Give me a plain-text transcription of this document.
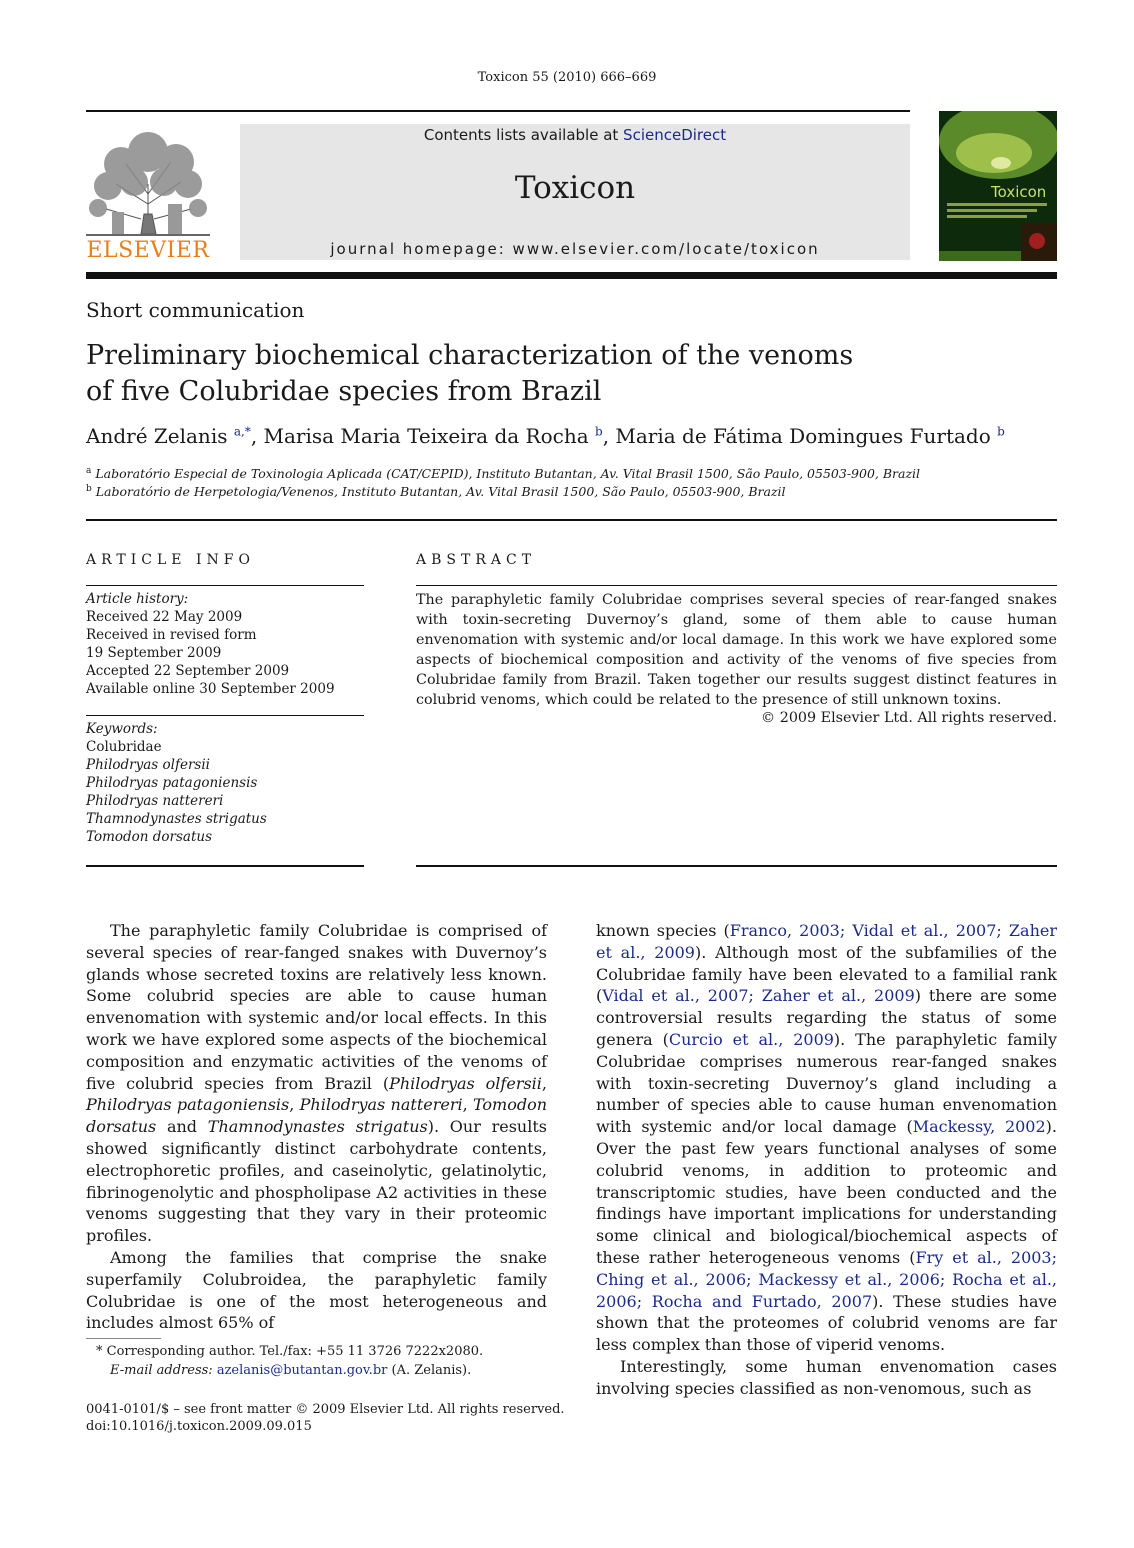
Toxicon 55 (2010) 666–669
ELSEVIER
Contents lists available at ScienceDirect
Toxicon
journal homepage: www.elsevier.com/locate/toxicon
Toxicon
Short communication
Preliminary biochemical characterization of the venoms
of five Colubridae species from Brazil
André Zelanis $^{a,*}$, Marisa Maria Teixeira da Rocha $^b$, Maria de Fátima Domingues Furtado $^b$
$^a$ Laboratório Especial de Toxinologia Aplicada (CAT/CEPID), Instituto Butantan, Av. Vital Brasil 1500, São Paulo, 05503-900, Brazil
$^b$ Laboratório de Herpetologia/Venenos, Instituto Butantan, Av. Vital Brasil 1500, São Paulo, 05503-900, Brazil
ARTICLE INFO
Article history:
Received 22 May 2009
Received in revised form
19 September 2009
Accepted 22 September 2009
Available online 30 September 2009
Keywords:
Colubridae
Philodryas olfersii
Philodryas patagoniensis
Philodryas nattereri
Thamnodynastes strigatus
Tomodon dorsatus
ABSTRACT
The paraphyletic family Colubridae comprises several species of rear-fanged snakes with toxin-secreting Duvernoy’s gland, some of them able to cause human envenomation with systemic and/or local damage. In this work we have explored some aspects of biochemical composition and activity of the venoms of five species from Colubridae family from Brazil. Taken together our results suggest distinct features in colubrid venoms, which could be related to the presence of still unknown toxins.
© 2009 Elsevier Ltd. All rights reserved.

The paraphyletic family Colubridae is comprised of several species of rear-fanged snakes with Duvernoy’s glands whose secreted toxins are relatively less known. Some colubrid species are able to cause human envenomation with systemic and/or local effects. In this work we have explored some aspects of the biochemical composition and enzymatic activities of the venoms of five colubrid species from Brazil (Philodryas olfersii, Philodryas patagoniensis, Philodryas nattereri, Tomodon dorsatus and Thamnodynastes strigatus). Our results showed significantly distinct carbohydrate contents, electrophoretic profiles, and caseinolytic, gelatinolytic, fibrinogenolytic and phospholipase A2 activities in these venoms suggesting that they vary in their proteomic profiles.

Among the families that comprise the snake superfamily Colubroidea, the paraphyletic family Colubridae is one of the most heterogeneous and includes almost 65% of

known species (Franco, 2003; Vidal et al., 2007; Zaher et al., 2009). Although most of the subfamilies of the Colubridae family have been elevated to a familial rank (Vidal et al., 2007; Zaher et al., 2009) there are some controversial results regarding the status of some genera (Curcio et al., 2009). The paraphyletic family Colubridae comprises numerous rear-fanged snakes with toxin-secreting Duvernoy’s gland including a number of species able to cause human envenomation with systemic and/or local damage (Mackessy, 2002). Over the past few years functional analyses of some colubrid venoms, in addition to proteomic and transcriptomic studies, have been conducted and the findings have important implications for understanding some clinical and biological/biochemical aspects of these rather heterogeneous venoms (Fry et al., 2003; Ching et al., 2006; Mackessy et al., 2006; Rocha et al., 2006; Rocha and Furtado, 2007). These studies have shown that the proteomes of colubrid venoms are far less complex than those of viperid venoms.

Interestingly, some human envenomation cases involving species classified as non-venomous, such as

* Corresponding author. Tel./fax: +55 11 3726 7222x2080.
E-mail address: azelanis@butantan.gov.br (A. Zelanis).
0041-0101/$ – see front matter © 2009 Elsevier Ltd. All rights reserved.
doi:10.1016/j.toxicon.2009.09.015
